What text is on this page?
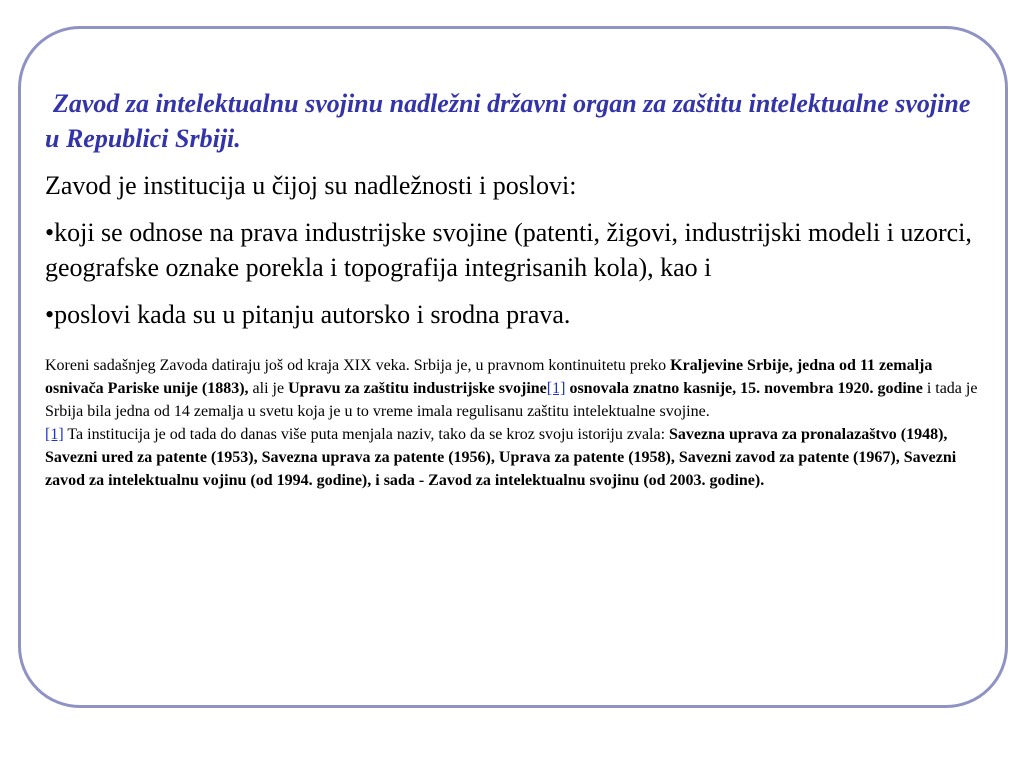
Zavod za intelektualnu svojinu nadležni državni organ za zaštitu intelektualne svojine u Republici Srbiji.

Zavod je institucija u čijoj su nadležnosti i poslovi:

•koji se odnose na prava industrijske svojine (patenti, žigovi, industrijski modeli i uzorci, geografske oznake porekla i topografija integrisanih kola), kao i

•poslovi kada su u pitanju autorsko i srodna prava.

Koreni sadašnjeg Zavoda datiraju još od kraja XIX veka. Srbija je, u pravnom kontinuitetu preko Kraljevine Srbije, jedna od 11 zemalja osnivača Pariske unije (1883), ali je Upravu za zaštitu industrijske svojine[1] osnovala znatno kasnije, 15. novembra 1920. godine i tada je Srbija bila jedna od 14 zemalja u svetu koja je u to vreme imala regulisanu zaštitu intelektualne svojine.
[1] Ta institucija je od tada do danas više puta menjala naziv, tako da se kroz svoju istoriju zvala: Savezna uprava za pronalazaštvo (1948), Savezni ured za patente (1953), Savezna uprava za patente (1956), Uprava za patente (1958), Savezni zavod za patente (1967), Savezni zavod za intelektualnu vojinu (od 1994. godine), i sada - Zavod za intelektualnu svojinu (od 2003. godine).
